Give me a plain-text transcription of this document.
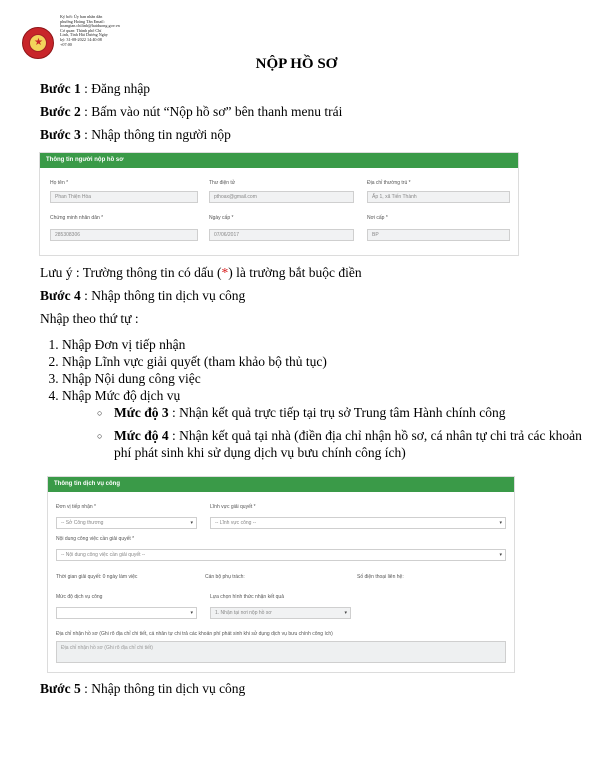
★
Ký bởi: Ủy ban nhân dân phường Hoàng Tân Email: hoangtan.chilinh@haiduong.gov.vn Cơ quan: Thành phố Chí Linh, Tỉnh Hải Dương Ngày ký: 31-08-2022 14:40:08 +07:00
NỘP HỒ SƠ
Bước 1 : Đăng nhập
Bước 2 : Bấm vào nút “Nộp hồ sơ” bên thanh menu trái
Bước 3 : Nhập thông tin người nộp
Thông tin người nộp hồ sơ
Họ tên *
Phan Thiện Hòa
Thư điện tử
pthoax@gmail.com
Địa chỉ thường trú *
Ấp 1, xã Tiến Thành
Chứng minh nhân dân *
285308306
Ngày cấp *
07/06/2017
Nơi cấp *
BP
Lưu ý : Trường thông tin có dấu (*) là trường bắt buộc điền
Bước 4 : Nhập thông tin dịch vụ công
Nhập theo thứ tự :
1. Nhập Đơn vị tiếp nhận
2. Nhập Lĩnh vực giải quyết (tham khảo bộ thủ tục)
3. Nhập Nội dung công việc
4. Nhập Mức độ dịch vụ
○ Mức độ 3 : Nhận kết quả trực tiếp tại trụ sở Trung tâm Hành chính công
○ Mức độ 4 : Nhận kết quả tại nhà (điền địa chỉ nhận hồ sơ, cá nhân tự chi trả các khoản phí phát sinh khi sử dụng dịch vụ bưu chính công ích)
Thông tin dịch vụ công
Đơn vị tiếp nhận *
-- Sở Công thương	▾
Lĩnh vực giải quyết *
-- Lĩnh vực công --	▾
Nội dung công việc cần giải quyết *
-- Nội dung công việc cần giải quyết --	▾
Thời gian giải quyết: 0 ngày làm việc	Cán bộ phụ trách:	Số điện thoại liên hệ:
Mức độ dịch vụ công
▾
Lựa chọn hình thức nhận kết quả
1. Nhận tại nơi nộp hồ sơ	▾
Địa chỉ nhận hồ sơ (Ghi rõ địa chỉ chi tiết, cá nhân tự chi trả các khoản phí phát sinh khi sử dụng dịch vụ bưu chính công ích)
Địa chỉ nhận hồ sơ (Ghi rõ địa chỉ chi tiết)
Bước 5 : Nhập thông tin dịch vụ công
